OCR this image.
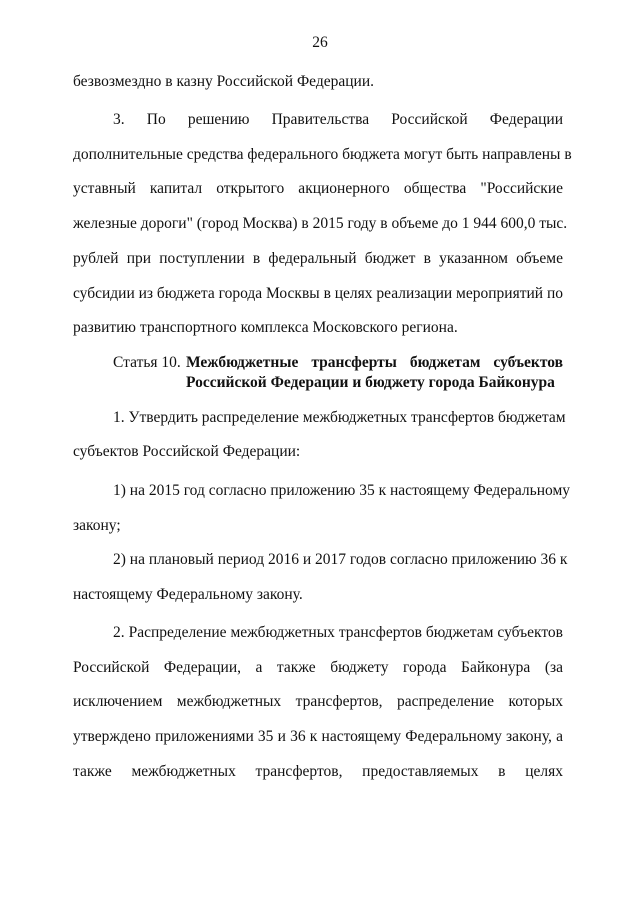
26
безвозмездно в казну Российской Федерации.
3. По решению Правительства Российской Федерации
дополнительные средства федерального бюджета могут быть направлены в
уставный капитал открытого акционерного общества "Российские
железные дороги" (город Москва) в 2015 году в объеме до 1 944 600,0 тыс.
рублей при поступлении в федеральный бюджет в указанном объеме
субсидии из бюджета города Москвы в целях реализации мероприятий по
развитию транспортного комплекса Московского региона.
Статья 10. Межбюджетные трансферты бюджетам субъектов
Российской Федерации и бюджету города Байконура
1. Утвердить распределение межбюджетных трансфертов бюджетам
субъектов Российской Федерации:
1) на 2015 год согласно приложению 35 к настоящему Федеральному
закону;
2) на плановый период 2016 и 2017 годов согласно приложению 36 к
настоящему Федеральному закону.
2. Распределение межбюджетных трансфертов бюджетам субъектов
Российской Федерации, а также бюджету города Байконура (за
исключением межбюджетных трансфертов, распределение которых
утверждено приложениями 35 и 36 к настоящему Федеральному закону, а
также межбюджетных трансфертов, предоставляемых в целях
